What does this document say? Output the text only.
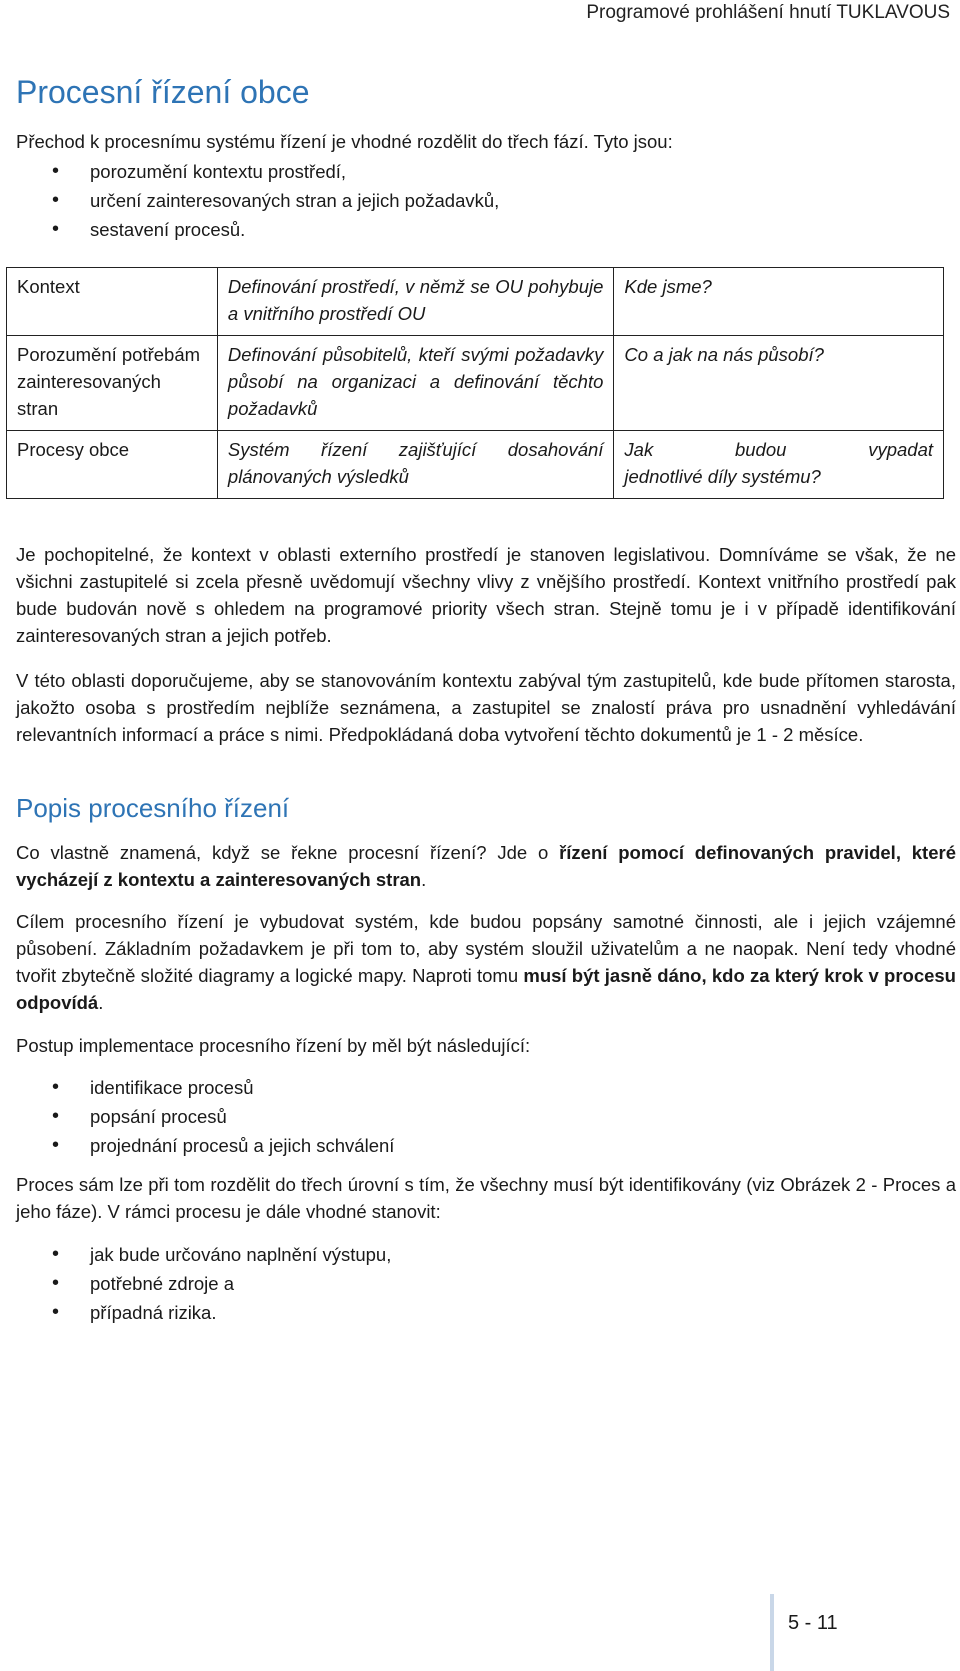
Programové prohlášení hnutí TUKLAVOUS
Procesní řízení obce

Přechod k procesnímu systému řízení je vhodné rozdělit do třech fází. Tyto jsou:

• porozumění kontextu prostředí,
• určení zainteresovaných stran a jejich požadavků,
• sestavení procesů.
Kontext	Definování prostředí, v němž se OU pohybuje a vnitřního prostředí OU	Kde jsme?
Porozumění potřebám zainteresovaných stran	Definování působitelů, kteří svými požadavky působí na organizaci a definování těchto požadavků	Co a jak na nás působí?
Procesy obce	Systém řízení zajišťující dosahování plánovaných výsledků	Jak budou vypadat
jednotlivé díly systému?

Je pochopitelné, že kontext v oblasti externího prostředí je stanoven legislativou. Domníváme se však, že ne všichni zastupitelé si zcela přesně uvědomují všechny vlivy z vnějšího prostředí. Kontext vnitřního prostředí pak bude budován nově s ohledem na programové priority všech stran. Stejně tomu je i v případě identifikování zainteresovaných stran a jejich potřeb.

V této oblasti doporučujeme, aby se stanovováním kontextu zabýval tým zastupitelů, kde bude přítomen starosta, jakožto osoba s prostředím nejblíže seznámena, a zastupitel se znalostí práva pro usnadnění vyhledávání relevantních informací a práce s nimi. Předpokládaná doba vytvoření těchto dokumentů je 1 - 2 měsíce.

Popis procesního řízení

Co vlastně znamená, když se řekne procesní řízení? Jde o řízení pomocí definovaných pravidel, které vycházejí z kontextu a zainteresovaných stran.

Cílem procesního řízení je vybudovat systém, kde budou popsány samotné činnosti, ale i jejich vzájemné působení. Základním požadavkem je při tom to, aby systém sloužil uživatelům a ne naopak. Není tedy vhodné tvořit zbytečně složité diagramy a logické mapy. Naproti tomu musí být jasně dáno, kdo za který krok v procesu odpovídá.

Postup implementace procesního řízení by měl být následující:

• identifikace procesů
• popsání procesů
• projednání procesů a jejich schválení

Proces sám lze při tom rozdělit do třech úrovní s tím, že všechny musí být identifikovány (viz Obrázek 2 - Proces a jeho fáze). V rámci procesu je dále vhodné stanovit:

• jak bude určováno naplnění výstupu,
• potřebné zdroje a
• případná rizika.
5 - 11
